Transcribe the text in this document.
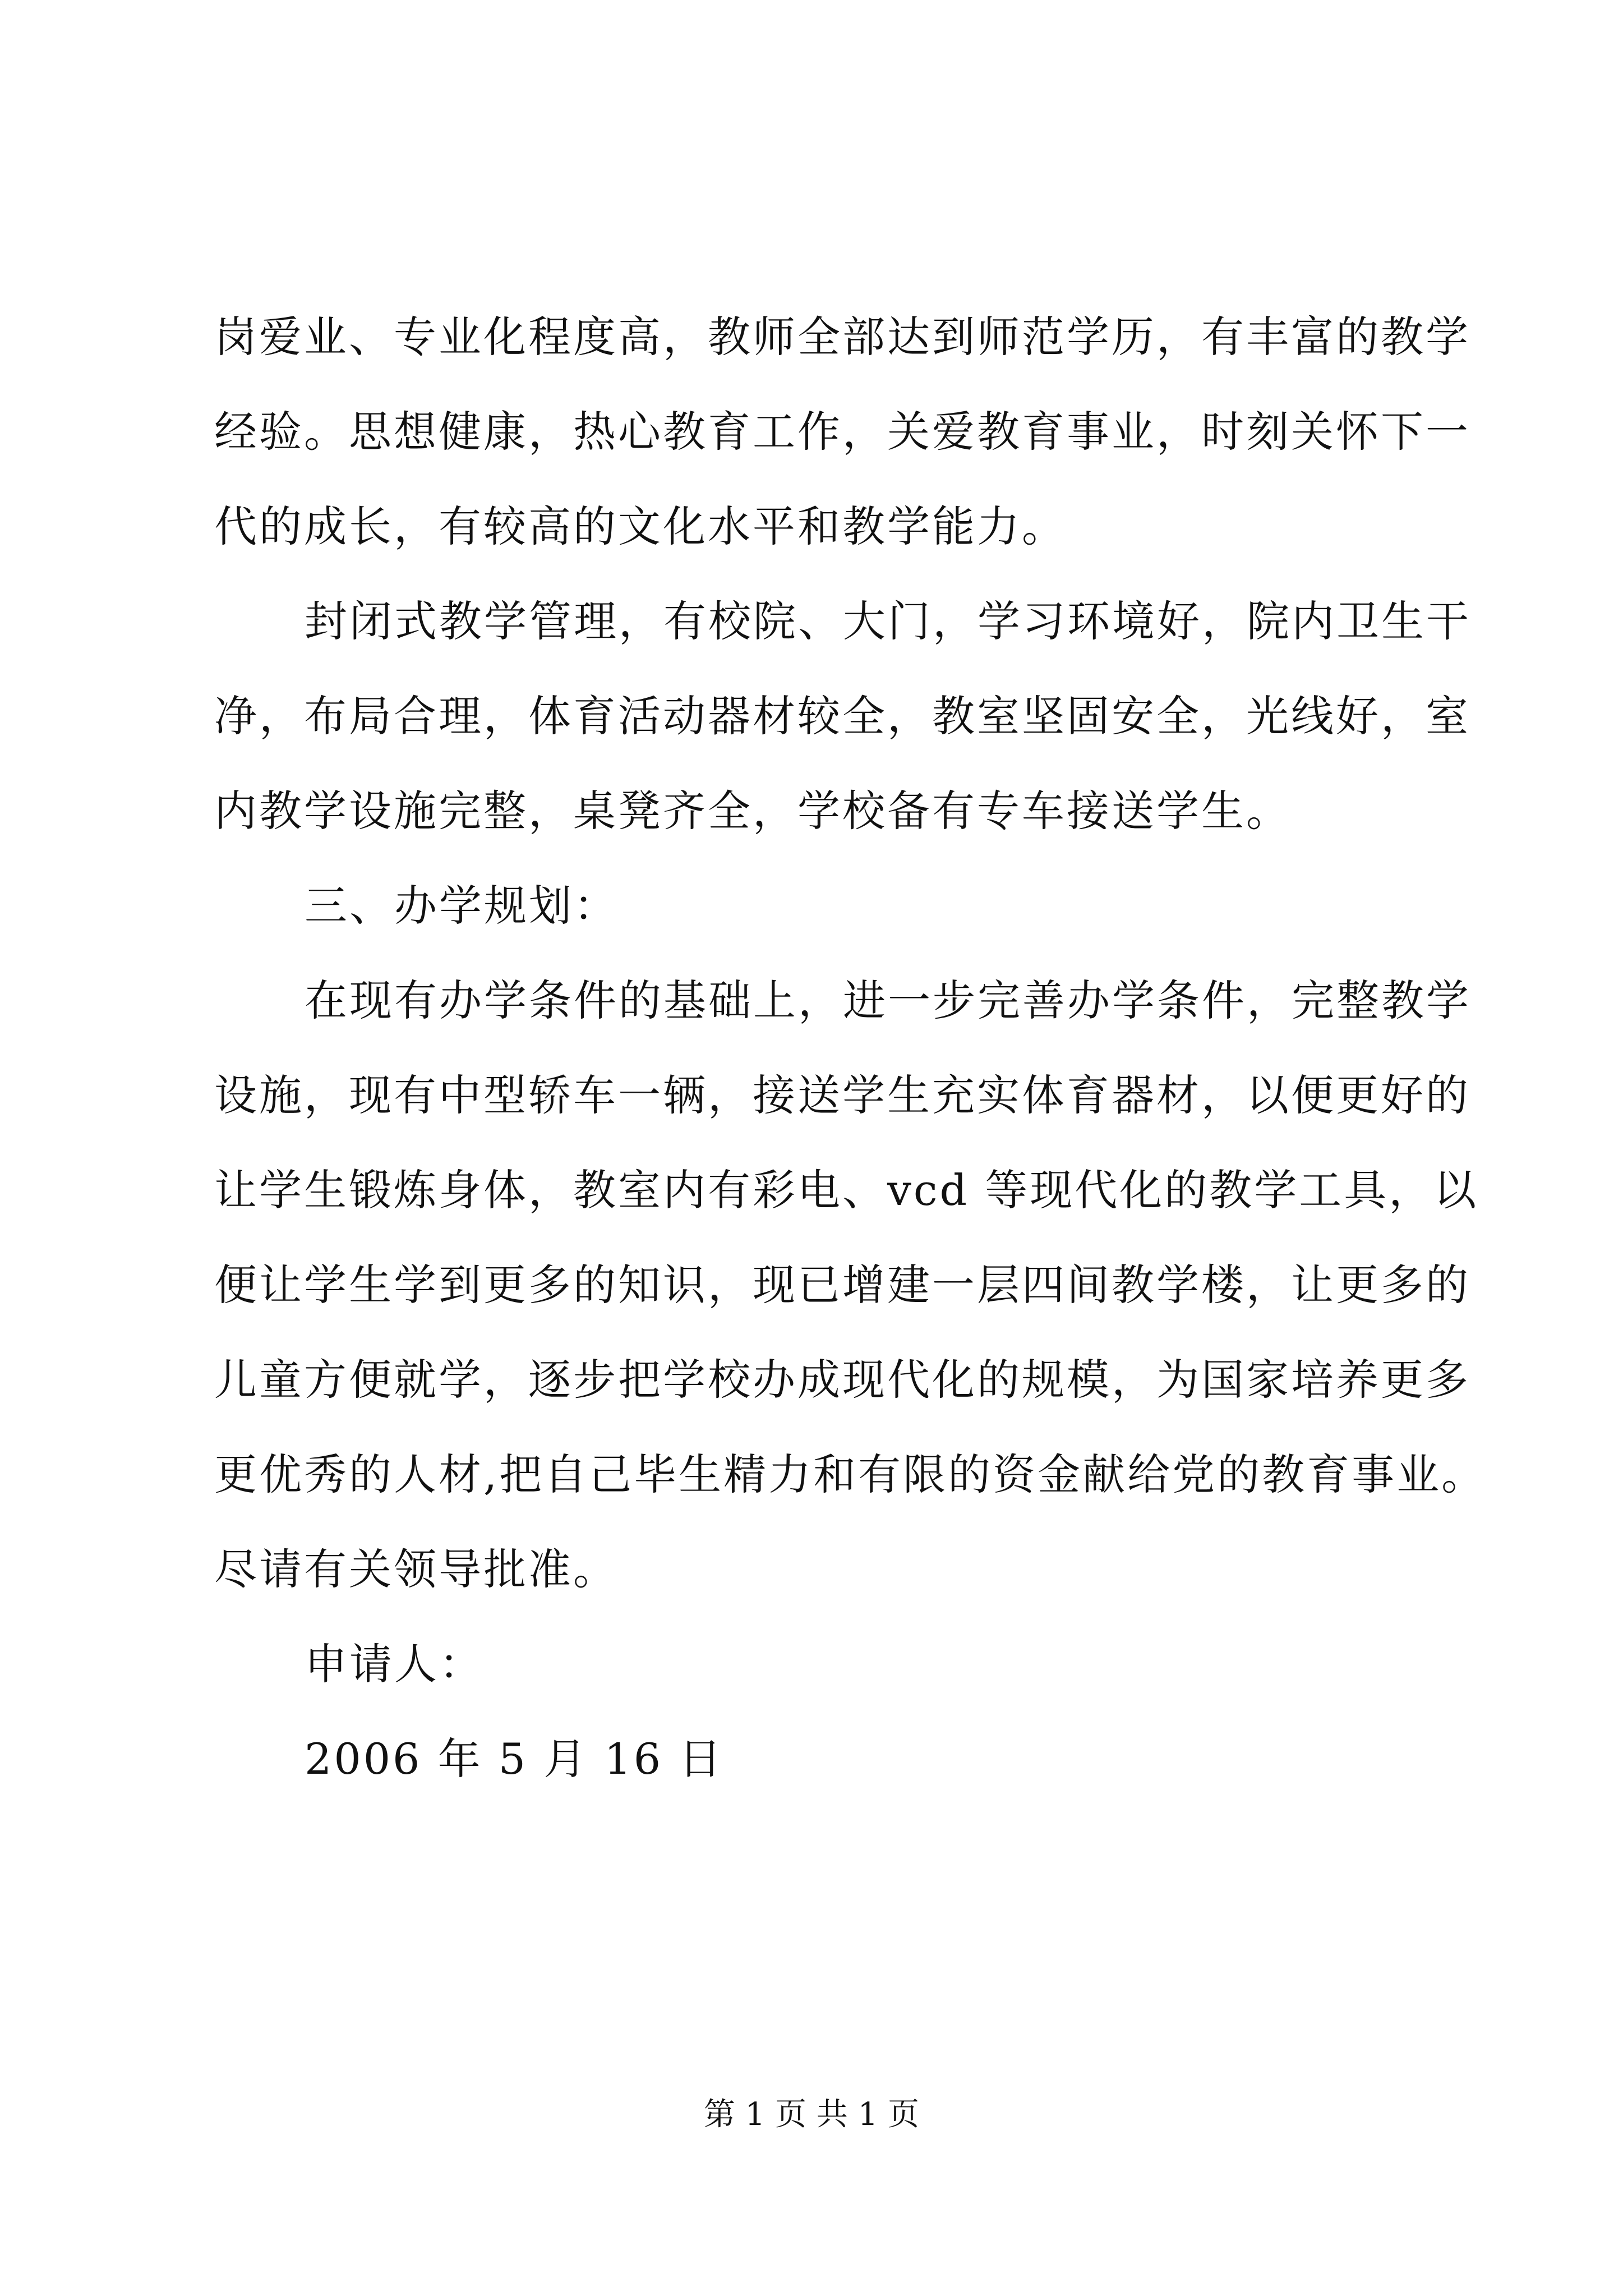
岗爱业、专业化程度高，教师全部达到师范学历，有丰富的教学
经验。思想健康，热心教育工作，关爱教育事业，时刻关怀下一
代的成长，有较高的文化水平和教学能力。
封闭式教学管理，有校院、大门，学习环境好，院内卫生干
净，布局合理，体育活动器材较全，教室坚固安全，光线好，室
内教学设施完整，桌凳齐全，学校备有专车接送学生。
三、办学规划：
在现有办学条件的基础上，进一步完善办学条件，完整教学
设施，现有中型轿车一辆，接送学生充实体育器材，以便更好的
让学生锻炼身体，教室内有彩电、vcd 等现代化的教学工具，以
便让学生学到更多的知识，现已增建一层四间教学楼，让更多的
儿童方便就学，逐步把学校办成现代化的规模，为国家培养更多
更优秀的人材,把自己毕生精力和有限的资金献给党的教育事业。
尽请有关领导批准。
申请人：
2006 年 5 月 16 日
第 1 页 共 1 页
